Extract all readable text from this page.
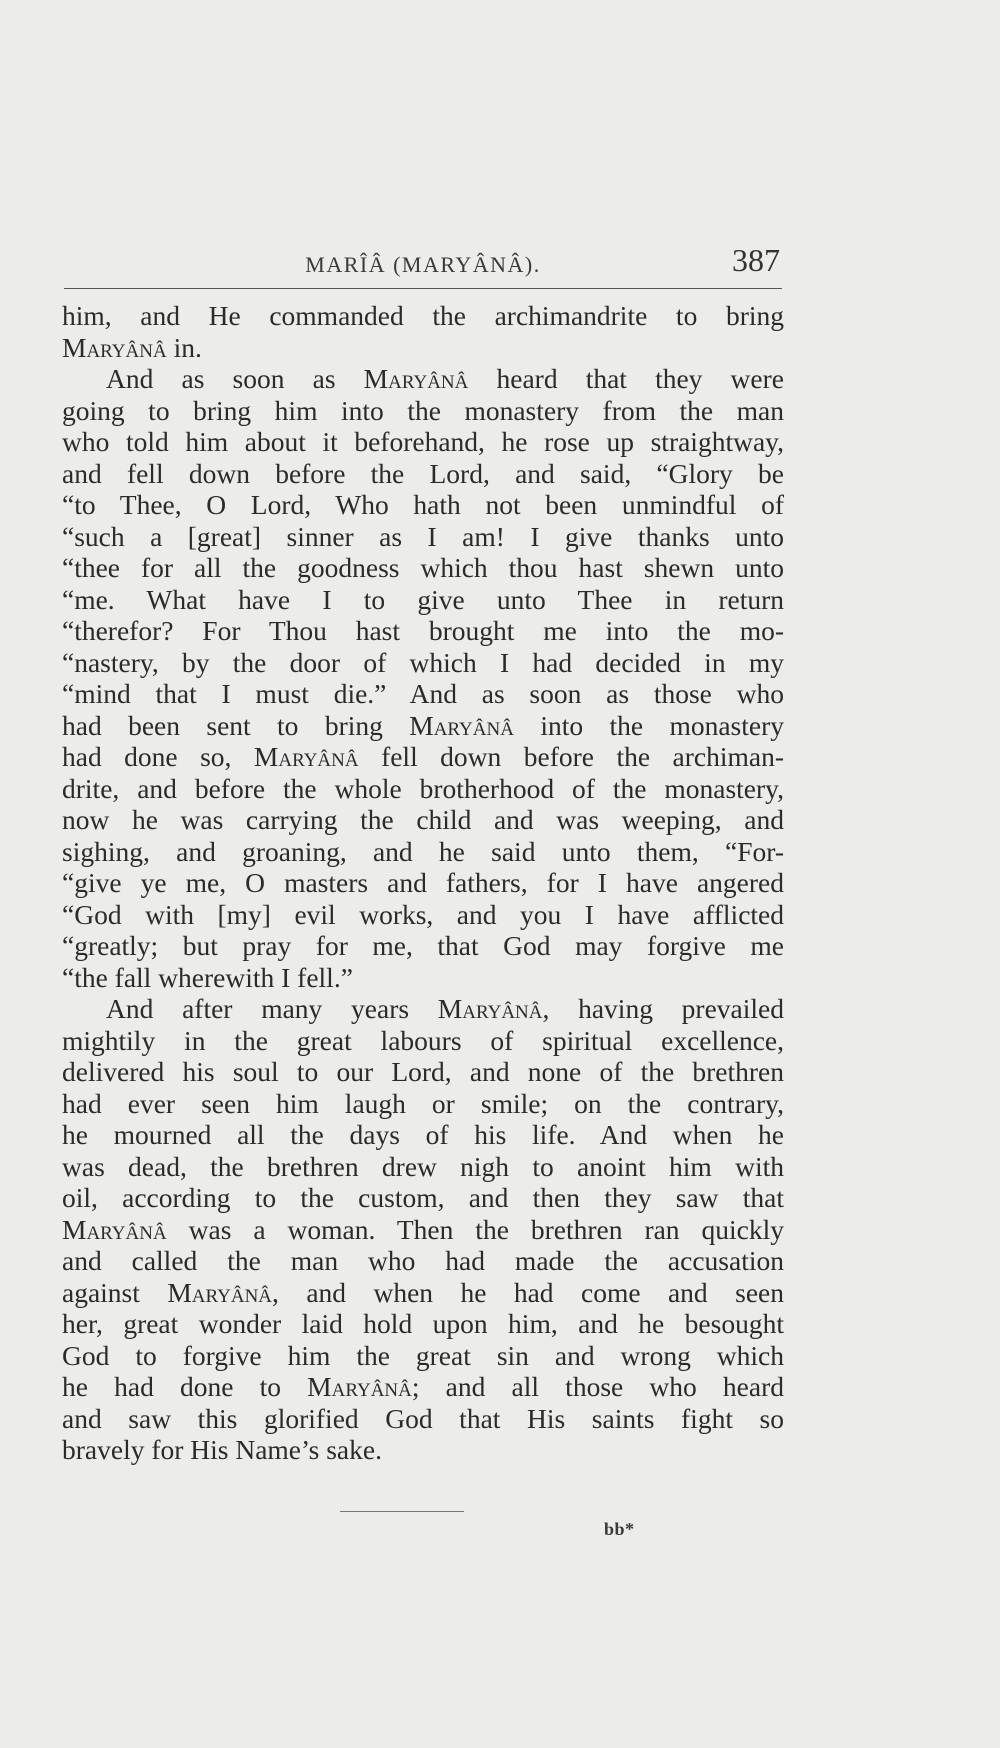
MARÎÂ (MARYÂNÂ).	387
him, and He commanded the archimandrite to bring
Maryânâ in.
And as soon as Maryânâ heard that they were
going to bring him into the monastery from the man
who told him about it beforehand, he rose up straightway,
and fell down before the Lord, and said, “Glory be
“to Thee, O Lord, Who hath not been unmindful of
“such a [great] sinner as I am! I give thanks unto
“thee for all the goodness which thou hast shewn unto
“me. What have I to give unto Thee in return
“therefor? For Thou hast brought me into the mo-
“nastery, by the door of which I had decided in my
“mind that I must die.” And as soon as those who
had been sent to bring Maryânâ into the monastery
had done so, Maryânâ fell down before the archiman-
drite, and before the whole brotherhood of the monastery,
now he was carrying the child and was weeping, and
sighing, and groaning, and he said unto them, “For-
“give ye me, O masters and fathers, for I have angered
“God with [my] evil works, and you I have afflicted
“greatly; but pray for me, that God may forgive me
“the fall wherewith I fell.”
And after many years Maryânâ, having prevailed
mightily in the great labours of spiritual excellence,
delivered his soul to our Lord, and none of the brethren
had ever seen him laugh or smile; on the contrary,
he mourned all the days of his life. And when he
was dead, the brethren drew nigh to anoint him with
oil, according to the custom, and then they saw that
Maryânâ was a woman. Then the brethren ran quickly
and called the man who had made the accusation
against Maryânâ, and when he had come and seen
her, great wonder laid hold upon him, and he besought
God to forgive him the great sin and wrong which
he had done to Maryânâ; and all those who heard
and saw this glorified God that His saints fight so
bravely for His Name’s sake.
bb*
